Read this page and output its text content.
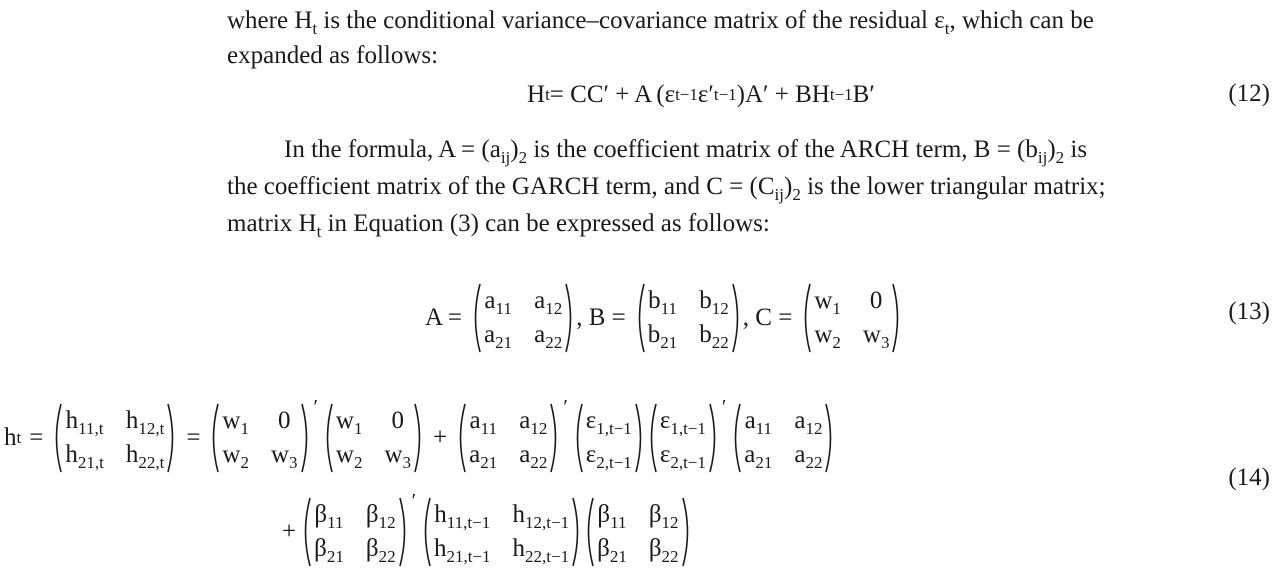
where $H_t$ is the conditional variance–covariance matrix of the residual $\varepsilon_t$, which can be
expanded as follows:
H t = CC′ + A (ε t−1 ε′ t−1 )A′ + BH t−1 B′	(12)
In the formula, $A = (a_{ij})_2$ is the coefficient matrix of the ARCH term, $B = (b_{ij})_2$ is
the coefficient matrix of the GARCH term, and $C = (C_{ij})_2$ is the lower triangular matrix;
matrix $H_t$ in Equation (3) can be expressed as follows:
A =
$a_{11}$ $a_{12}$
$a_{21}$ $a_{22}$
, B =
$b_{11}$ $b_{12}$
$b_{21}$ $b_{22}$
, C =
$w_1$ 0
$w_2$ $w_3$
(13)
h t =
$h_{11,t}$ $h_{12,t}$
$h_{21,t}$ $h_{22,t}$
=
$w_1$ 0
$w_2$ $w_3$
′ $w_1$ 0
$w_2$ $w_3$
+
$a_{11}$ $a_{12}$
$a_{21}$ $a_{22}$
′ $\varepsilon_{1,t-1}$
$\varepsilon_{2,t-1}$
$\varepsilon_{1,t-1}$
$\varepsilon_{2,t-1}$
′ $a_{11}$ $a_{12}$
$a_{21}$ $a_{22}$
(14)
+
$\beta_{11}$ $\beta_{12}$
$\beta_{21}$ $\beta_{22}$
′ $h_{11,t-1}$ $h_{12,t-1}$
$h_{21,t-1}$ $h_{22,t-1}$
$\beta_{11}$ $\beta_{12}$
$\beta_{21}$ $\beta_{22}$
